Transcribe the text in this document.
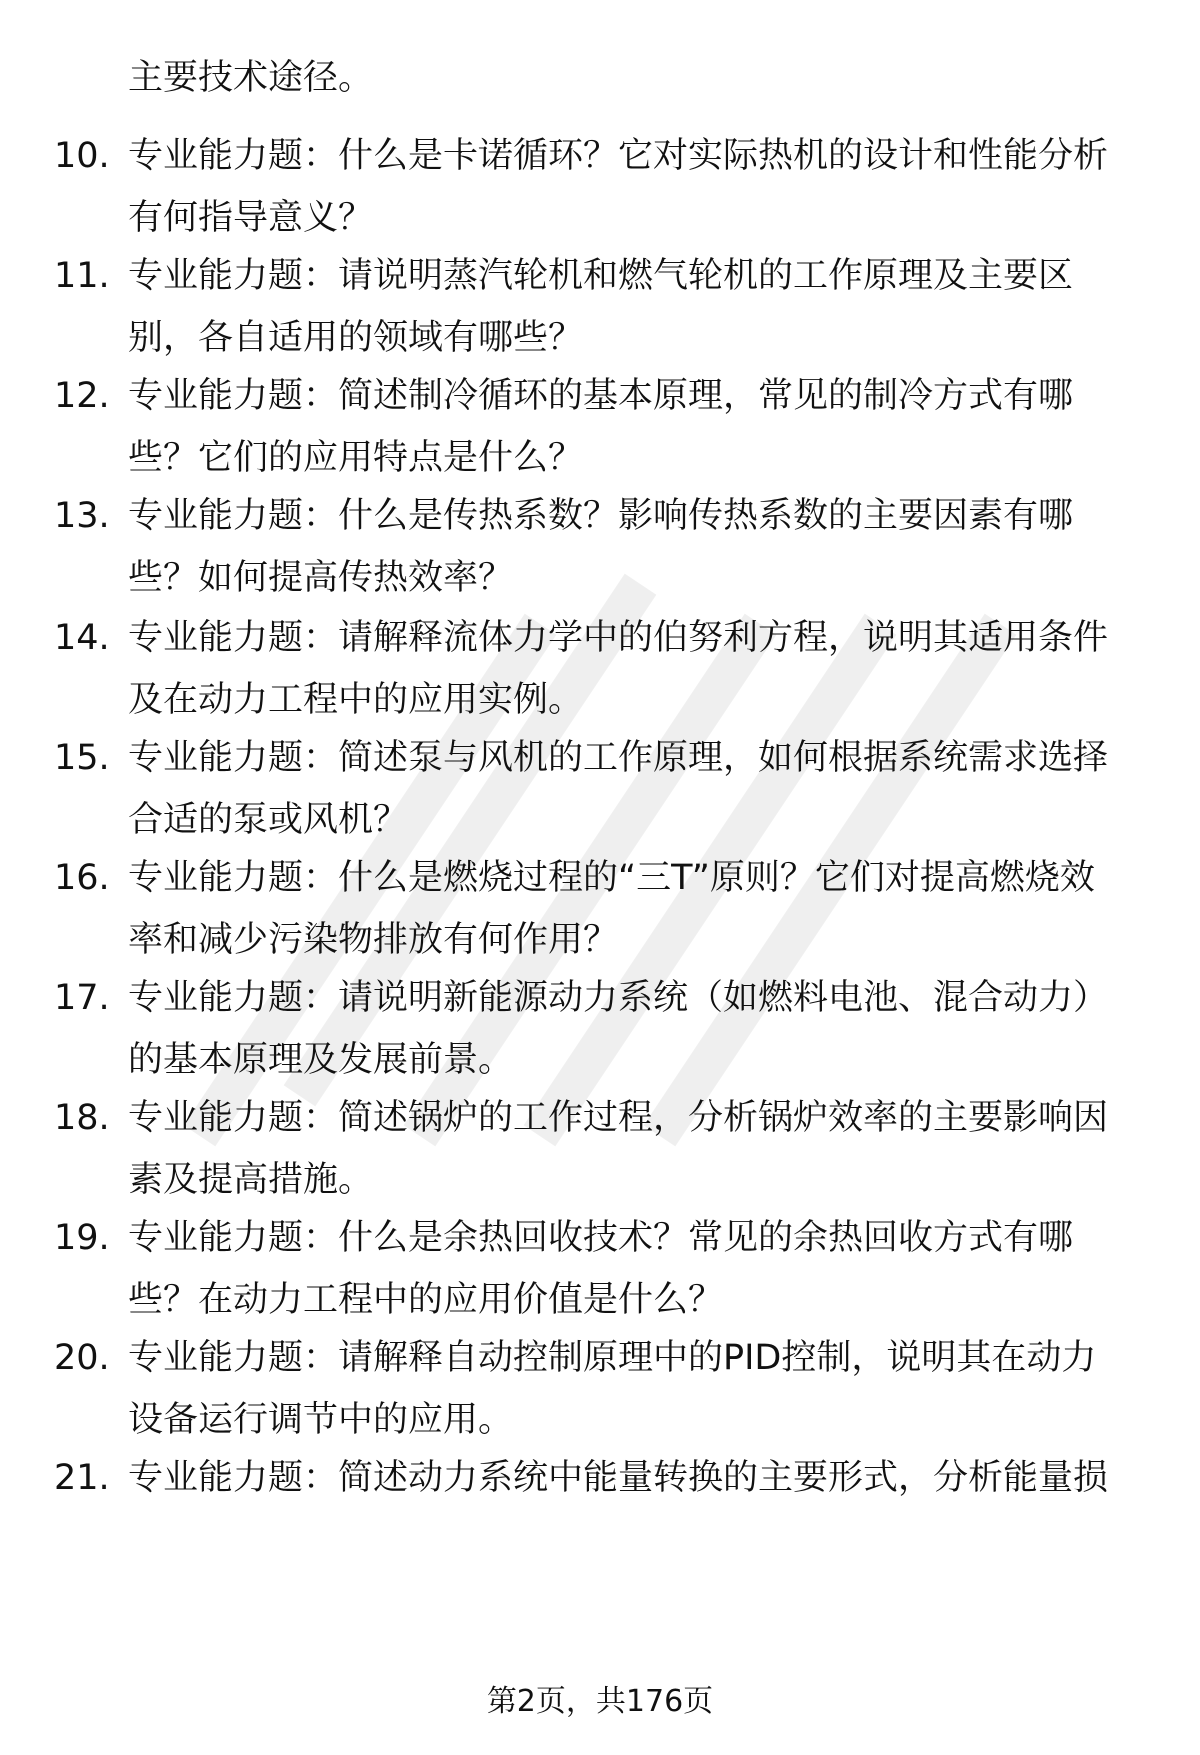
主要技术途径。
10. 专业能力题：什么是卡诺循环？它对实际热机的设计和性能分析
有何指导意义？
11. 专业能力题：请说明蒸汽轮机和燃气轮机的工作原理及主要区
别，各自适用的领域有哪些？
12. 专业能力题：简述制冷循环的基本原理，常见的制冷方式有哪
些？它们的应用特点是什么？
13. 专业能力题：什么是传热系数？影响传热系数的主要因素有哪
些？如何提高传热效率？
14. 专业能力题：请解释流体力学中的伯努利方程，说明其适用条件
及在动力工程中的应用实例。
15. 专业能力题：简述泵与风机的工作原理，如何根据系统需求选择
合适的泵或风机？
16. 专业能力题：什么是燃烧过程的“三T”原则？它们对提高燃烧效
率和减少污染物排放有何作用？
17. 专业能力题：请说明新能源动力系统（如燃料电池、混合动力）
的基本原理及发展前景。
18. 专业能力题：简述锅炉的工作过程，分析锅炉效率的主要影响因
素及提高措施。
19. 专业能力题：什么是余热回收技术？常见的余热回收方式有哪
些？在动力工程中的应用价值是什么？
20. 专业能力题：请解释自动控制原理中的PID控制，说明其在动力
设备运行调节中的应用。
21. 专业能力题：简述动力系统中能量转换的主要形式，分析能量损
第2页，共176页
